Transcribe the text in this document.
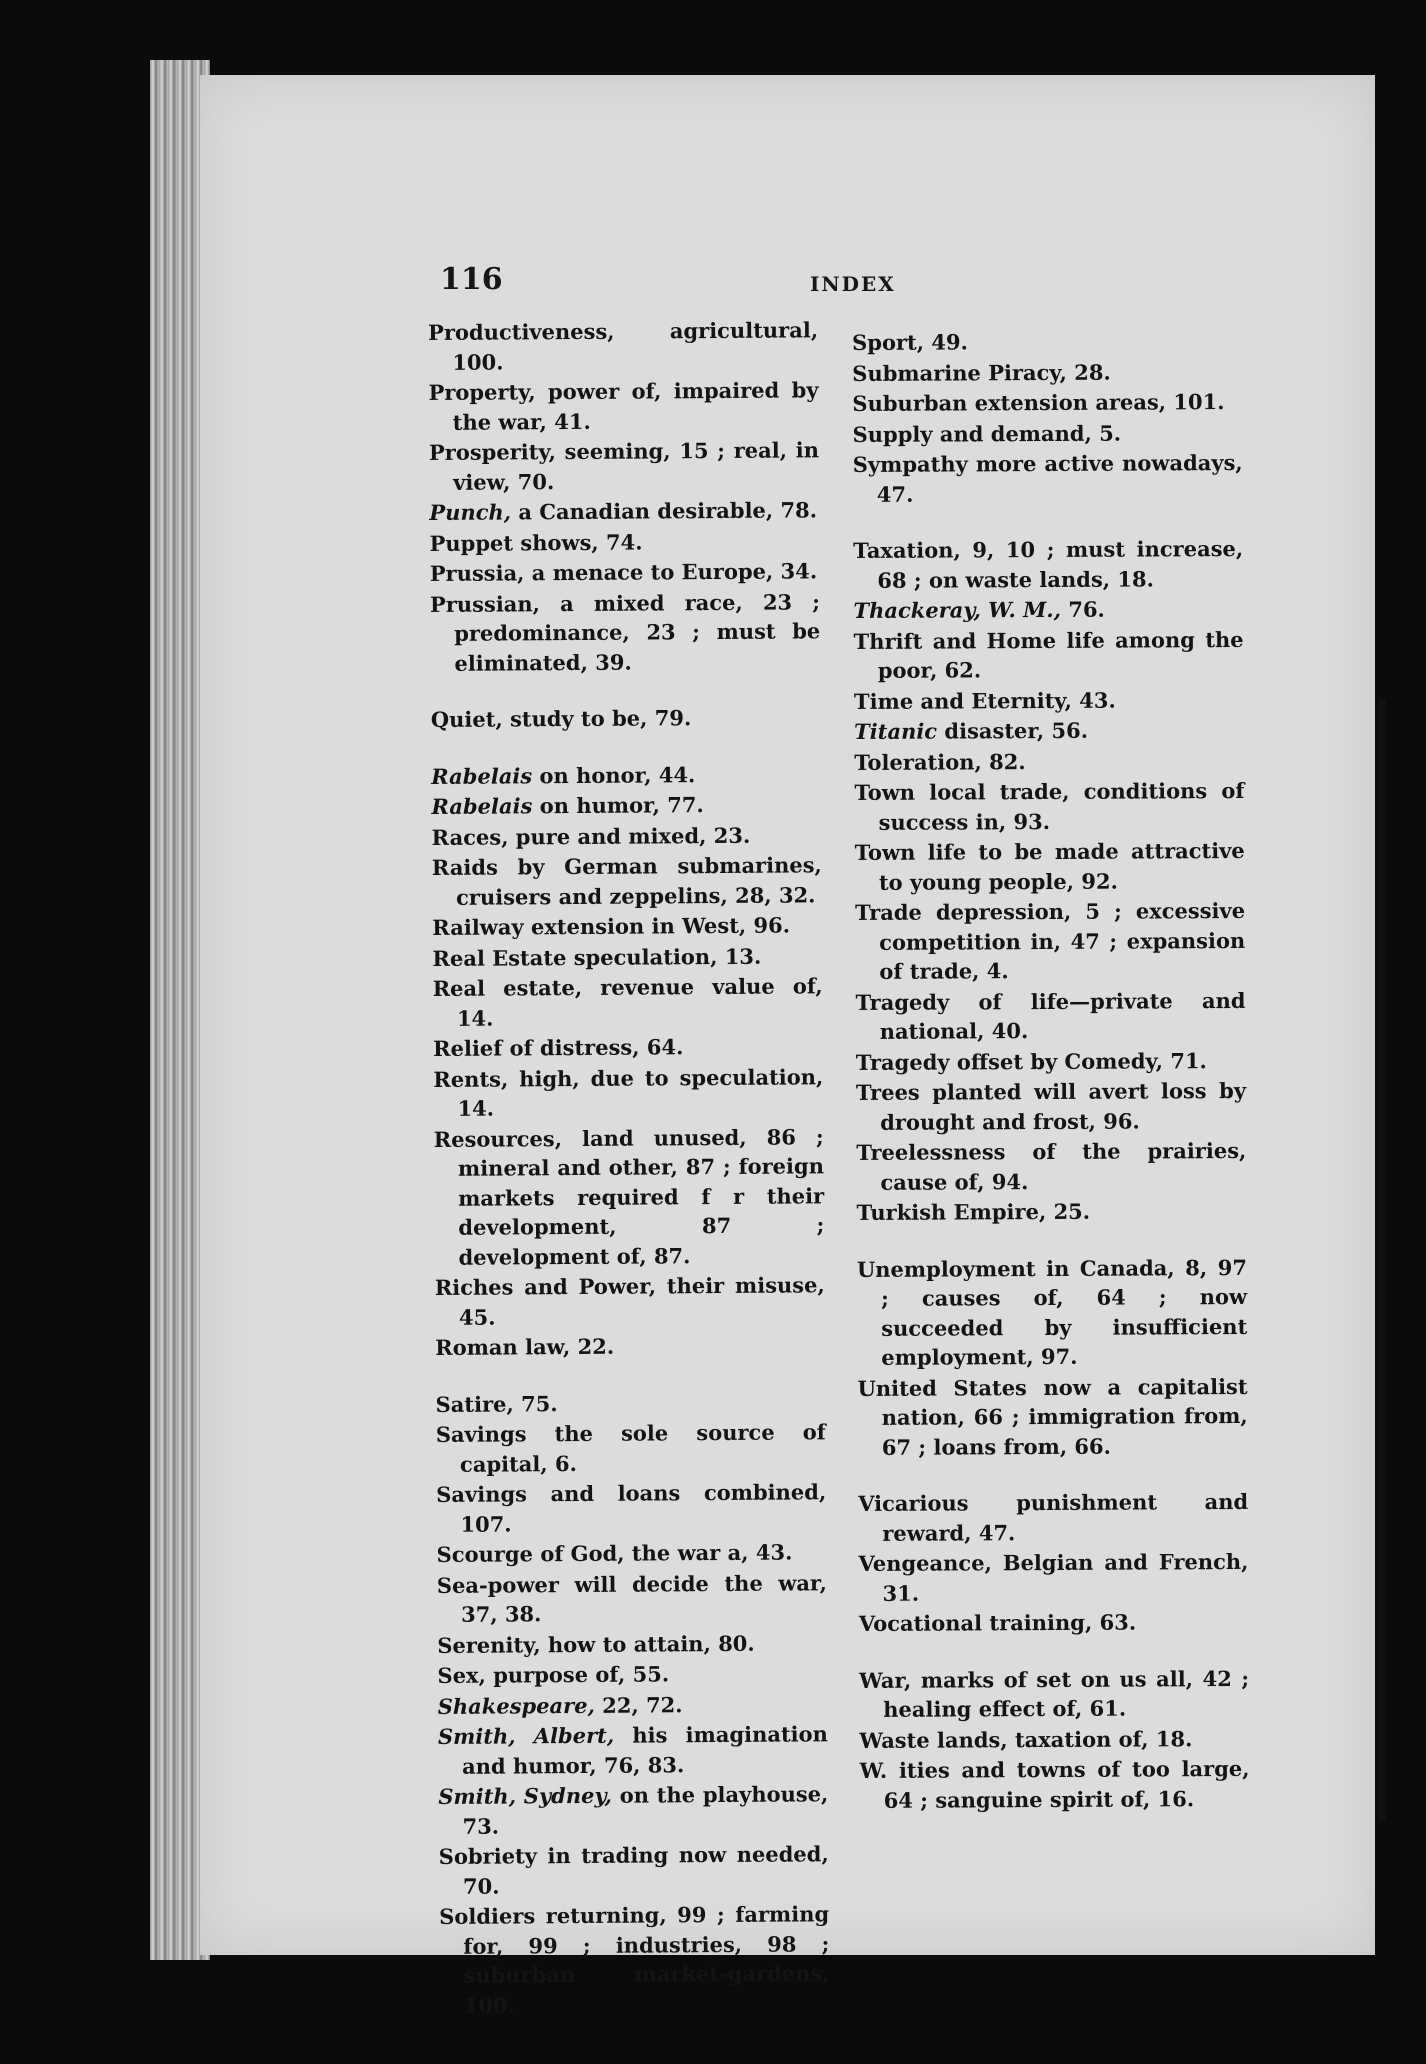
116	INDEX

Productiveness, agricultural, 100.

Property, power of, impaired by the war, 41.

Prosperity, seeming, 15 ; real, in view, 70.

Punch, a Canadian desirable, 78.

Puppet shows, 74.

Prussia, a menace to Europe, 34.

Prussian, a mixed race, 23 ; predominance, 23 ; must be eliminated, 39.

Quiet, study to be, 79.

Rabelais on honor, 44.

Rabelais on humor, 77.

Races, pure and mixed, 23.

Raids by German submarines, cruisers and zeppelins, 28, 32.

Railway extension in West, 96.

Real Estate speculation, 13.

Real estate, revenue value of, 14.

Relief of distress, 64.

Rents, high, due to speculation, 14.

Resources, land unused, 86 ; mineral and other, 87 ; foreign markets required f r their development, 87 ; development of, 87.

Riches and Power, their misuse, 45.

Roman law, 22.

Satire, 75.

Savings the sole source of capital, 6.

Savings and loans combined, 107.

Scourge of God, the war a, 43.

Sea-power will decide the war, 37, 38.

Serenity, how to attain, 80.

Sex, purpose of, 55.

Shakespeare, 22, 72.

Smith, Albert, his imagination and humor, 76, 83.

Smith, Sydney, on the playhouse, 73.

Sobriety in trading now needed, 70.

Soldiers returning, 99 ; farming for, 99 ; industries, 98 ; suburban market-gardens, 100.

Sport, 49.

Submarine Piracy, 28.

Suburban extension areas, 101.

Supply and demand, 5.

Sympathy more active nowadays, 47.

Taxation, 9, 10 ; must increase, 68 ; on waste lands, 18.

Thackeray, W. M., 76.

Thrift and Home life among the poor, 62.

Time and Eternity, 43.

Titanic disaster, 56.

Toleration, 82.

Town local trade, conditions of success in, 93.

Town life to be made attractive to young people, 92.

Trade depression, 5 ; excessive competition in, 47 ; expansion of trade, 4.

Tragedy of life—private and national, 40.

Tragedy offset by Comedy, 71.

Trees planted will avert loss by drought and frost, 96.

Treelessness of the prairies, cause of, 94.

Turkish Empire, 25.

Unemployment in Canada, 8, 97 ; causes of, 64 ; now succeeded by insufficient employment, 97.

United States now a capitalist nation, 66 ; immigration from, 67 ; loans from, 66.

Vicarious punishment and reward, 47.

Vengeance, Belgian and French, 31.

Vocational training, 63.

War, marks of set on us all, 42 ; healing effect of, 61.

Waste lands, taxation of, 18.

W. ities and towns of too large, 64 ; sanguine spirit of, 16.
